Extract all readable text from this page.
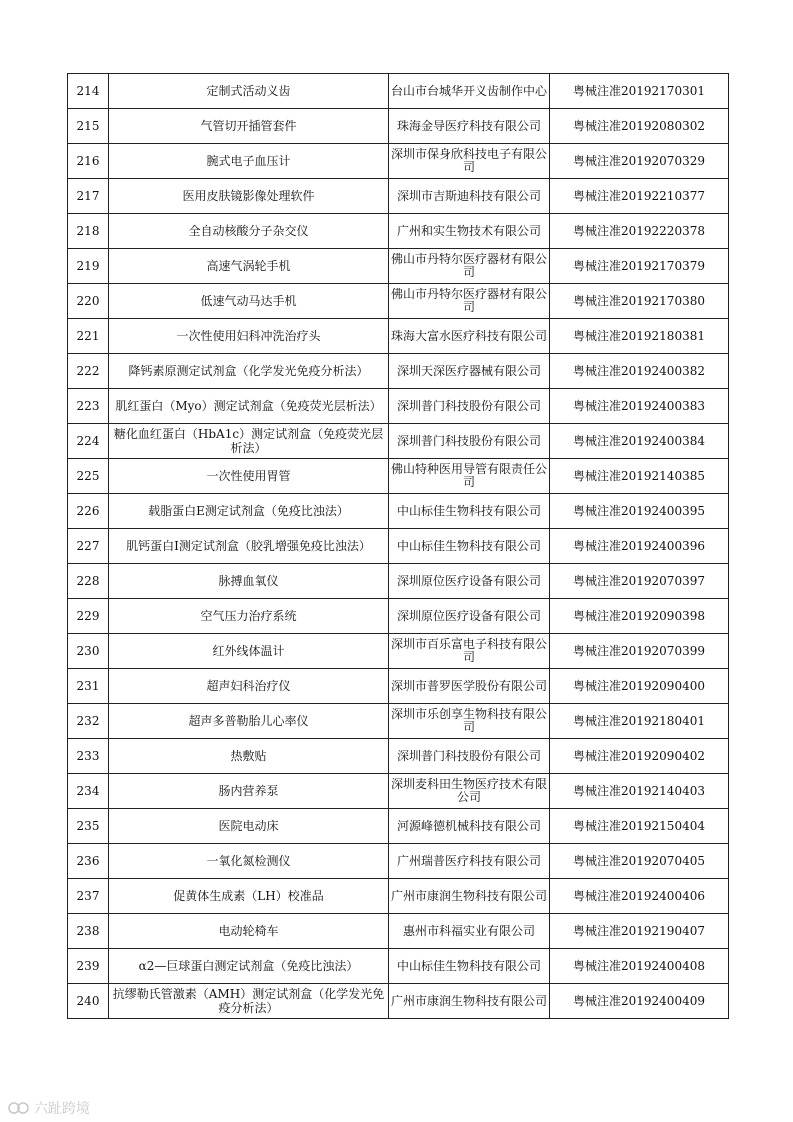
214	定制式活动义齿	台山市台城华开义齿制作中心	粤械注准20192170301
215	气管切开插管套件	珠海金导医疗科技有限公司	粤械注准20192080302
216	腕式电子血压计	深圳市保身欣科技电子有限公司	粤械注准20192070329
217	医用皮肤镜影像处理软件	深圳市吉斯迪科技有限公司	粤械注准20192210377
218	全自动核酸分子杂交仪	广州和实生物技术有限公司	粤械注准20192220378
219	高速气涡轮手机	佛山市丹特尔医疗器材有限公司	粤械注准20192170379
220	低速气动马达手机	佛山市丹特尔医疗器材有限公司	粤械注准20192170380
221	一次性使用妇科冲洗治疗头	珠海大富水医疗科技有限公司	粤械注准20192180381
222	降钙素原测定试剂盒（化学发光免疫分析法）	深圳天深医疗器械有限公司	粤械注准20192400382
223	肌红蛋白（Myo）测定试剂盒（免疫荧光层析法）	深圳普门科技股份有限公司	粤械注准20192400383
224	糖化血红蛋白（HbA1c）测定试剂盒（免疫荧光层析法）	深圳普门科技股份有限公司	粤械注准20192400384
225	一次性使用胃管	佛山特种医用导管有限责任公司	粤械注准20192140385
226	载脂蛋白E测定试剂盒（免疫比浊法）	中山标佳生物科技有限公司	粤械注准20192400395
227	肌钙蛋白I测定试剂盒（胶乳增强免疫比浊法）	中山标佳生物科技有限公司	粤械注准20192400396
228	脉搏血氧仪	深圳原位医疗设备有限公司	粤械注准20192070397
229	空气压力治疗系统	深圳原位医疗设备有限公司	粤械注准20192090398
230	红外线体温计	深圳市百乐富电子科技有限公司	粤械注准20192070399
231	超声妇科治疗仪	深圳市普罗医学股份有限公司	粤械注准20192090400
232	超声多普勒胎儿心率仪	深圳市乐创享生物科技有限公司	粤械注准20192180401
233	热敷贴	深圳普门科技股份有限公司	粤械注准20192090402
234	肠内营养泵	深圳麦科田生物医疗技术有限公司	粤械注准20192140403
235	医院电动床	河源峰德机械科技有限公司	粤械注准20192150404
236	一氧化氮检测仪	广州瑞普医疗科技有限公司	粤械注准20192070405
237	促黄体生成素（LH）校准品	广州市康润生物科技有限公司	粤械注准20192400406
238	电动轮椅车	惠州市科福实业有限公司	粤械注准20192190407
239	α2—巨球蛋白测定试剂盒（免疫比浊法）	中山标佳生物科技有限公司	粤械注准20192400408
240	抗缪勒氏管激素（AMH）测定试剂盒（化学发光免疫分析法）	广州市康润生物科技有限公司	粤械注准20192400409
六趾跨境
